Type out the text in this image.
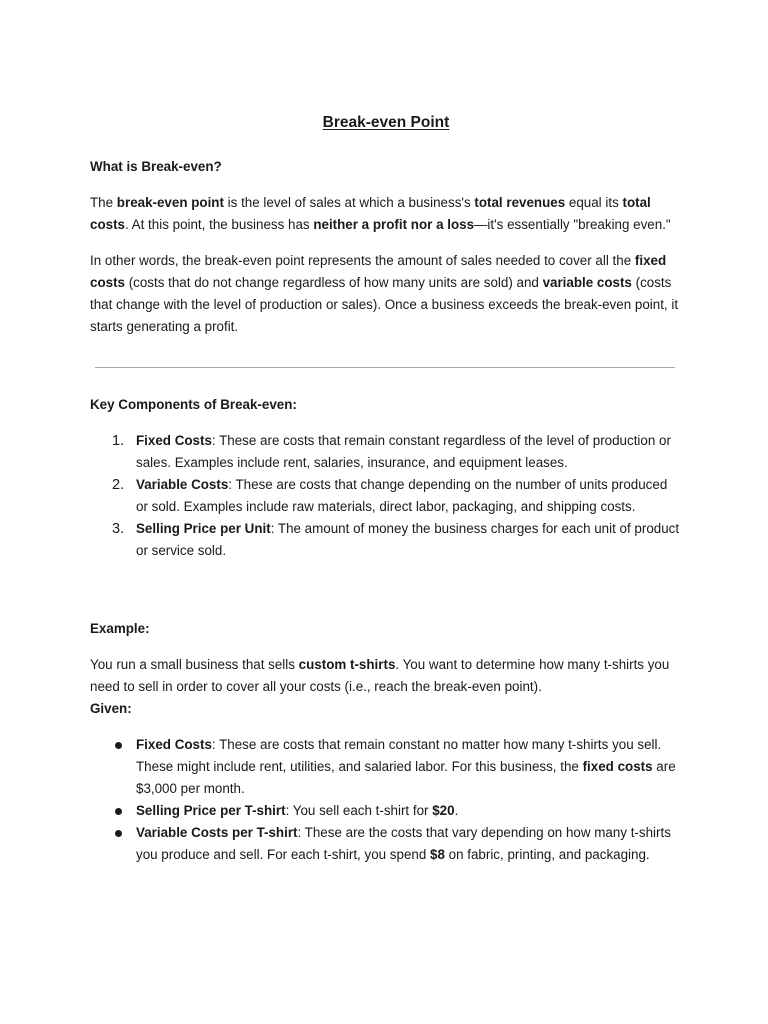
Break-even Point
What is Break-even?

The break-even point is the level of sales at which a business's total revenues equal its total costs. At this point, the business has neither a profit nor a loss—it's essentially "breaking even."

In other words, the break-even point represents the amount of sales needed to cover all the fixed costs (costs that do not change regardless of how many units are sold) and variable costs (costs that change with the level of production or sales). Once a business exceeds the break-even point, it starts generating a profit.

Key Components of Break-even:
1. Fixed Costs: These are costs that remain constant regardless of the level of production or sales. Examples include rent, salaries, insurance, and equipment leases.
2. Variable Costs: These are costs that change depending on the number of units produced or sold. Examples include raw materials, direct labor, packaging, and shipping costs.
3. Selling Price per Unit: The amount of money the business charges for each unit of product or service sold.
Example:

You run a small business that sells custom t-shirts. You want to determine how many t-shirts you need to sell in order to cover all your costs (i.e., reach the break-even point).

Given:
Fixed Costs: These are costs that remain constant no matter how many t-shirts you sell. These might include rent, utilities, and salaried labor. For this business, the fixed costs are $3,000 per month.
Selling Price per T-shirt: You sell each t-shirt for $20.
Variable Costs per T-shirt: These are the costs that vary depending on how many t-shirts you produce and sell. For each t-shirt, you spend $8 on fabric, printing, and packaging.
